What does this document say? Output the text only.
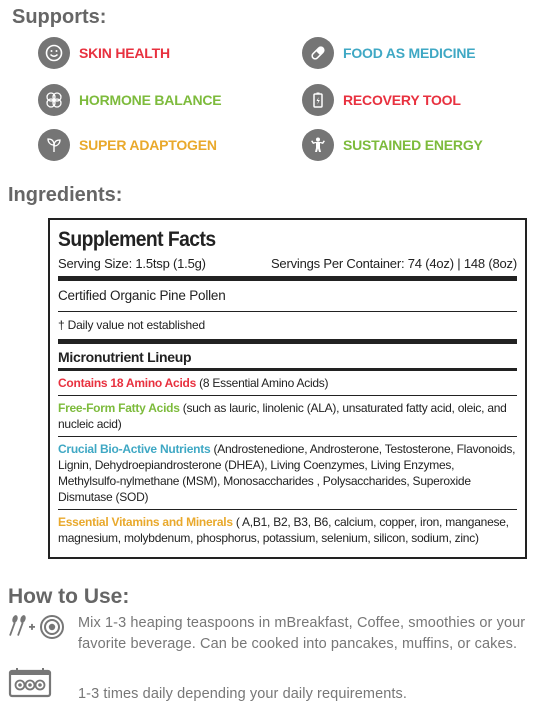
Supports:
SKIN HEALTH	FOOD AS MEDICINE
HORMONE BALANCE	RECOVERY TOOL
SUPER ADAPTOGEN	SUSTAINED ENERGY
Ingredients:
Supplement Facts
Serving Size: 1.5tsp (1.5g)	Servings Per Container: 74 (4oz) | 148 (8oz)
Certified Organic Pine Pollen
† Daily value not established
Micronutrient Lineup
Contains 18 Amino Acids (8 Essential Amino Acids)
Free-Form Fatty Acids (such as lauric, linolenic (ALA), unsaturated fatty acid, oleic, and nucleic acid)
Crucial Bio-Active Nutrients (Androstenedione, Androsterone, Testosterone, Flavonoids, Lignin, Dehydroepiandrosterone (DHEA), Living Coenzymes, Living Enzymes, Methylsulfo-nylmethane (MSM), Monosaccharides , Polysaccharides, Superoxide Dismutase (SOD)
Essential Vitamins and Minerals ( A,B1, B2, B3, B6, calcium, copper, iron, manganese, magnesium, molybdenum, phosphorus, potassium, selenium, silicon, sodium, zinc)
How to Use:
Mix 1-3 heaping teaspoons in mBreakfast, Coffee, smoothies or your favorite beverage. Can be cooked into pancakes, muffins, or cakes.
1-3 times daily depending your daily requirements.
